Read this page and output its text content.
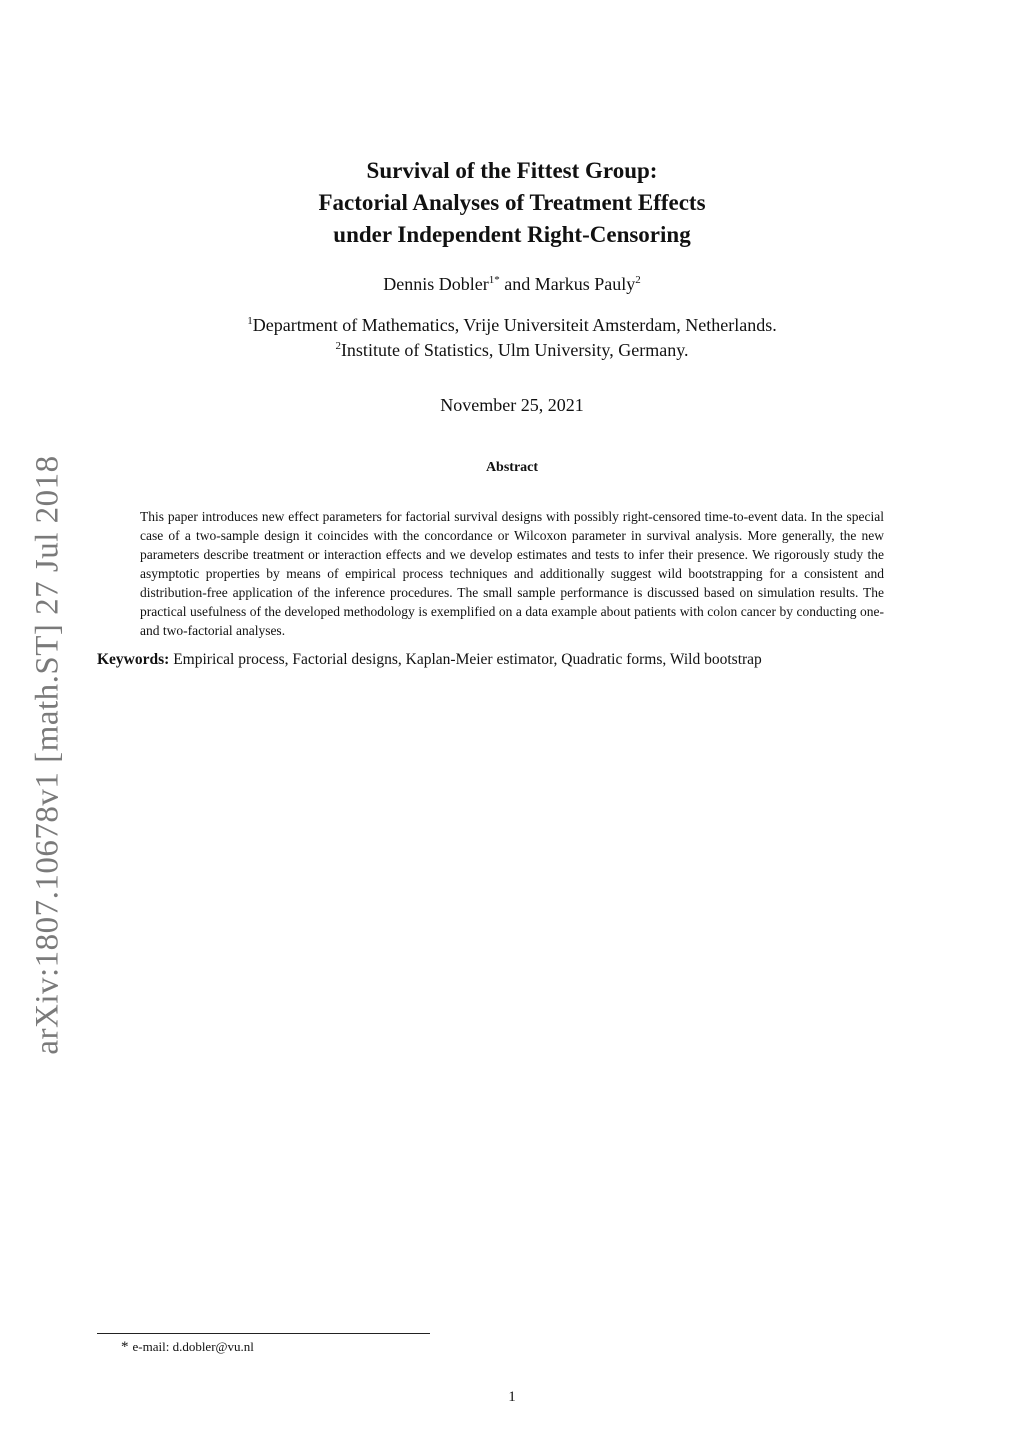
arXiv:1807.10678v1 [math.ST] 27 Jul 2018
Survival of the Fittest Group:
Factorial Analyses of Treatment Effects
under Independent Right-Censoring
Dennis Dobler$^{1*}$ and Markus Pauly$^2$
$^1$Department of Mathematics, Vrije Universiteit Amsterdam, Netherlands.
$^2$Institute of Statistics, Ulm University, Germany.
November 25, 2021
Abstract
This paper introduces new effect parameters for factorial survival designs with possibly right-censored time-to-event data. In the special case of a two-sample design it coincides with the concordance or Wilcoxon parameter in survival analysis. More generally, the new parameters describe treatment or interaction effects and we develop estimates and tests to infer their presence. We rigorously study the asymptotic properties by means of empirical process techniques and additionally suggest wild bootstrapping for a consistent and distribution-free application of the inference procedures. The small sample performance is discussed based on simulation results. The practical usefulness of the developed methodology is exemplified on a data example about patients with colon cancer by conducting one- and two-factorial analyses.
Keywords: Empirical process, Factorial designs, Kaplan-Meier estimator, Quadratic forms, Wild bootstrap
* e-mail: d.dobler@vu.nl
1
